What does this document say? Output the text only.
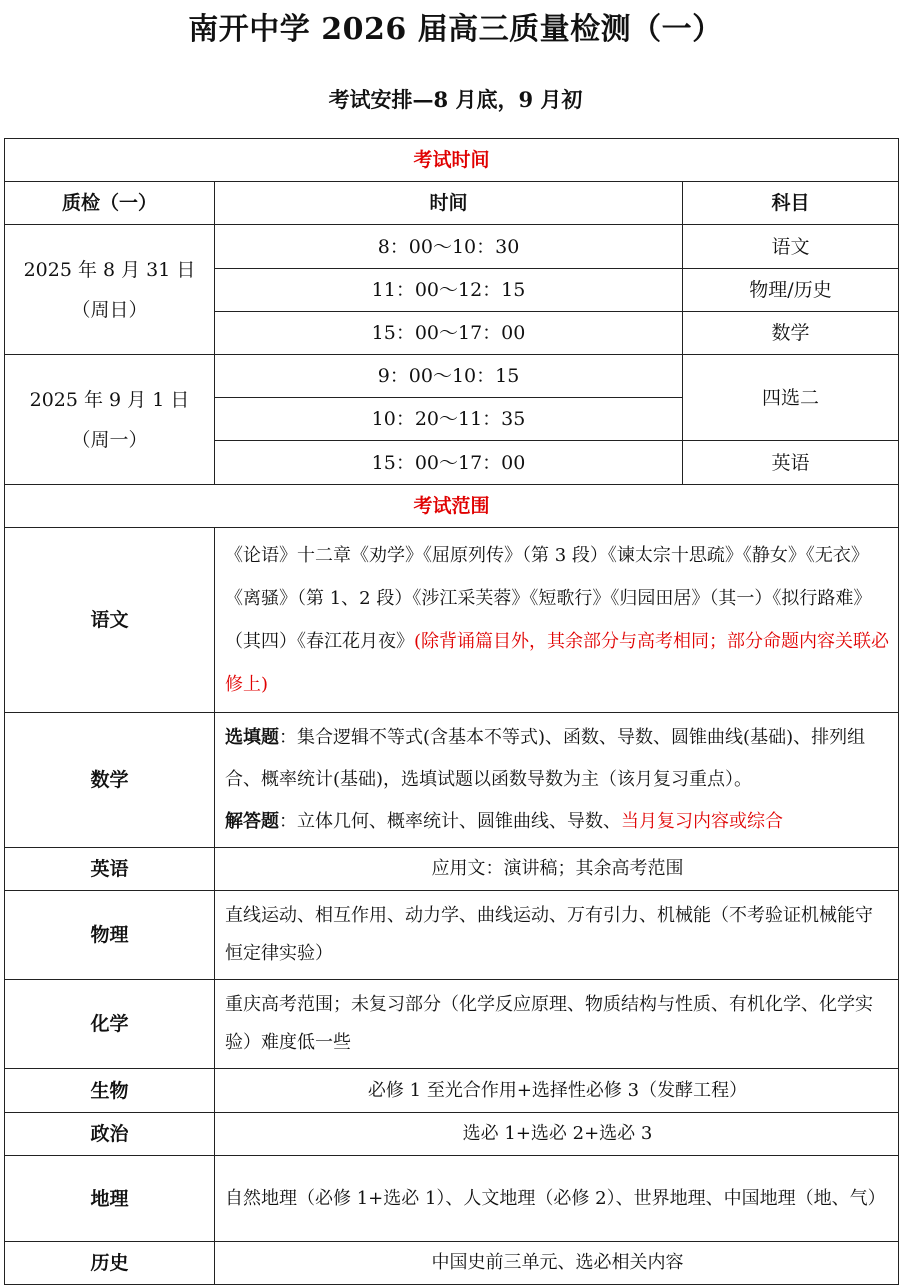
南开中学 2026 届高三质量检测（一）
考试安排—8 月底，9 月初
考试时间		
质检（一）	时间	科目

2025 年 8 月 31 日
（周日）	8：00～10：30	语文
	11：00～12：15	物理/历史
	15：00～17：00	数学

2025 年 9 月 1 日
（周一）	9：00～10：15	四选二
	10：20～11：35	
	15：00～17：00	英语
考试范围		
语文	《论语》十二章《劝学》《屈原列传》（第 3 段）《谏太宗十思疏》《静女》《无衣》《离骚》（第 1、2 段）《涉江采芙蓉》《短歌行》《归园田居》（其一）《拟行路难》（其四）《春江花月夜》(除背诵篇目外，其余部分与高考相同；部分命题内容关联必修上)	
数学	选填题：集合逻辑不等式(含基本不等式)、函数、导数、圆锥曲线(基础)、排列组合、概率统计(基础)，选填试题以函数导数为主（该月复习重点）。
解答题：立体几何、概率统计、圆锥曲线、导数、当月复习内容或综合	
英语	应用文：演讲稿；其余高考范围	
物理	直线运动、相互作用、动力学、曲线运动、万有引力、机械能（不考验证机械能守恒定律实验）	
化学	重庆高考范围；未复习部分（化学反应原理、物质结构与性质、有机化学、化学实验）难度低一些	
生物	必修 1 至光合作用+选择性必修 3（发酵工程）	
政治	选必 1+选必 2+选必 3	
地理	自然地理（必修 1+选必 1）、人文地理（必修 2）、世界地理、中国地理（地、气）	
历史	中国史前三单元、选必相关内容	
